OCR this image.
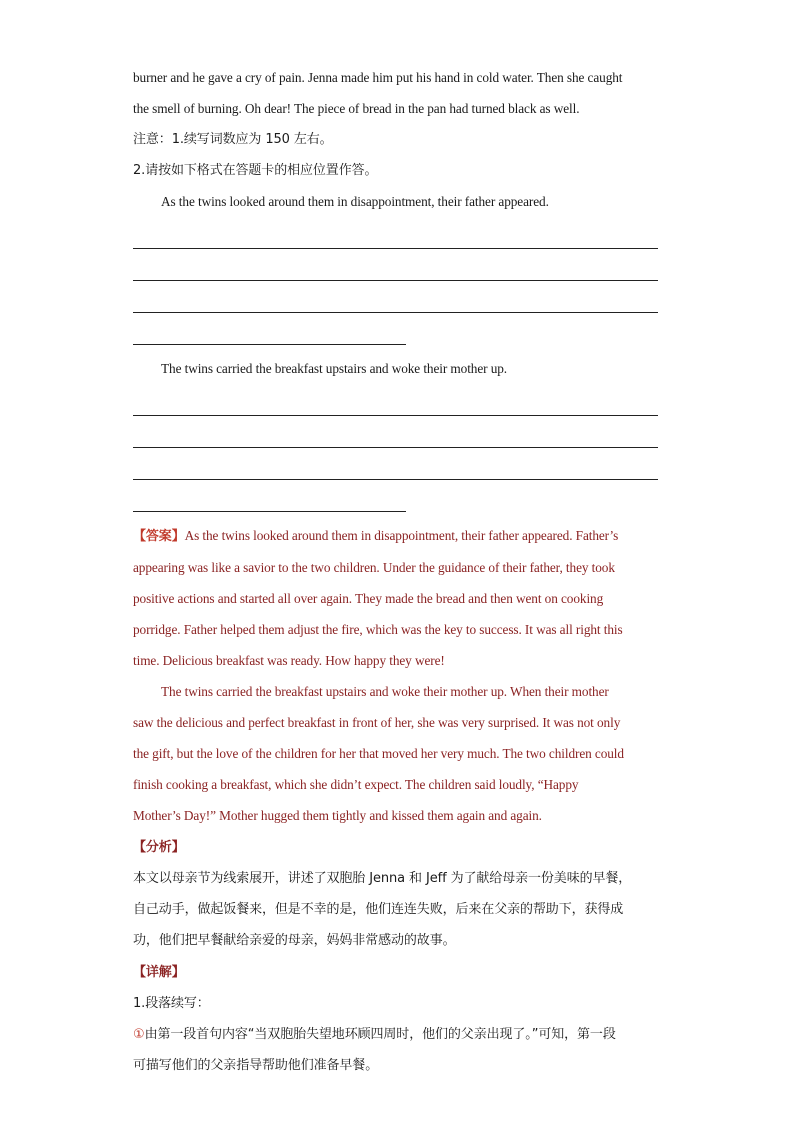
burner and he gave a cry of pain. Jenna made him put his hand in cold water. Then she caught
the smell of burning. Oh dear! The piece of bread in the pan had turned black as well.
注意：1.续写词数应为 150 左右。
2.请按如下格式在答题卡的相应位置作答。
As the twins looked around them in disappointment, their father appeared.
The twins carried the breakfast upstairs and woke their mother up.
【答案】As the twins looked around them in disappointment, their father appeared. Father’s
appearing was like a savior to the two children. Under the guidance of their father, they took
positive actions and started all over again. They made the bread and then went on cooking
porridge. Father helped them adjust the fire, which was the key to success. It was all right this
time. Delicious breakfast was ready. How happy they were!
The twins carried the breakfast upstairs and woke their mother up. When their mother
saw the delicious and perfect breakfast in front of her, she was very surprised. It was not only
the gift, but the love of the children for her that moved her very much. The two children could
finish cooking a breakfast, which she didn’t expect. The children said loudly, “Happy
Mother’s Day!” Mother hugged them tightly and kissed them again and again.
【分析】
本文以母亲节为线索展开，讲述了双胞胎 Jenna 和 Jeff 为了献给母亲一份美味的早餐，
自己动手，做起饭餐来，但是不幸的是，他们连连失败，后来在父亲的帮助下，获得成
功，他们把早餐献给亲爱的母亲，妈妈非常感动的故事。
【详解】
1.段落续写：
①由第一段首句内容“当双胞胎失望地环顾四周时，他们的父亲出现了。”可知，第一段
可描写他们的父亲指导帮助他们准备早餐。
